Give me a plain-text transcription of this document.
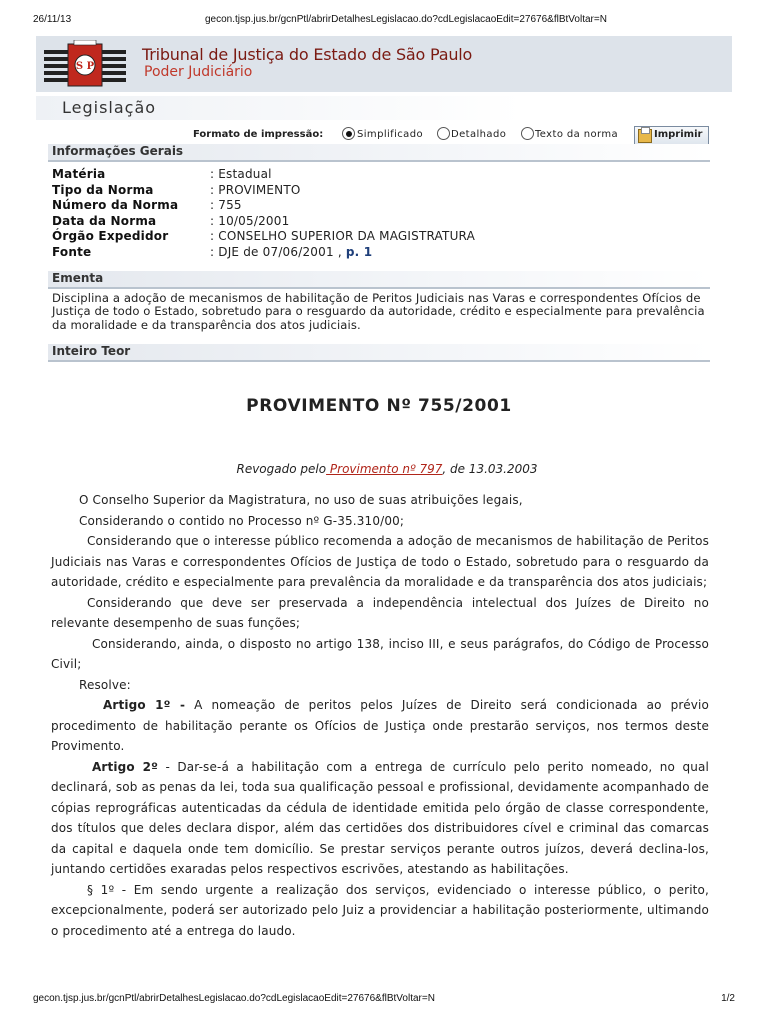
26/11/13	gecon.tjsp.jus.br/gcnPtl/abrirDetalhesLegislacao.do?cdLegislacaoEdit=27676&flBtVoltar=N
S P
Tribunal de Justiça do Estado de São Paulo
Poder Judiciário
Legislação
Formato de impressão:	Simplificado	Detalhado	Texto da norma	Imprimir
Informações Gerais
Matéria	: Estadual
Tipo da Norma	: PROVIMENTO
Número da Norma	: 755
Data da Norma	: 10/05/2001
Órgão Expedidor	: CONSELHO SUPERIOR DA MAGISTRATURA
Fonte	: DJE de 07/06/2001 , p. 1
Ementa
Disciplina a adoção de mecanismos de habilitação de Peritos Judiciais nas Varas e correspondentes Ofícios de Justiça de todo o Estado, sobretudo para o resguardo da autoridade, crédito e especialmente para prevalência da moralidade e da transparência dos atos judiciais.
Inteiro Teor
PROVIMENTO Nº 755/2001
Revogado pelo Provimento nº 797, de 13.03.2003

O Conselho Superior da Magistratura, no uso de suas atribuições legais,

Considerando o contido no Processo nº G-35.310/00;

Considerando que o interesse público recomenda a adoção de mecanismos de habilitação de Peritos Judiciais nas Varas e correspondentes Ofícios de Justiça de todo o Estado, sobretudo para o resguardo da autoridade, crédito e especialmente para prevalência da moralidade e da transparência dos atos judiciais;

Considerando que deve ser preservada a independência intelectual dos Juízes de Direito no relevante desempenho de suas funções;

Considerando, ainda, o disposto no artigo 138, inciso III, e seus parágrafos, do Código de Processo Civil;

Resolve:

Artigo 1º - A nomeação de peritos pelos Juízes de Direito será condicionada ao prévio procedimento de habilitação perante os Ofícios de Justiça onde prestarão serviços, nos termos deste Provimento.

Artigo 2º - Dar-se-á a habilitação com a entrega de currículo pelo perito nomeado, no qual declinará, sob as penas da lei, toda sua qualificação pessoal e profissional, devidamente acompanhado de cópias reprográficas autenticadas da cédula de identidade emitida pelo órgão de classe correspondente, dos títulos que deles declara dispor, além das certidões dos distribuidores cível e criminal das comarcas da capital e daquela onde tem domicílio. Se prestar serviços perante outros juízos, deverá declina-los, juntando certidões exaradas pelos respectivos escrivões, atestando as habilitações.

§ 1º - Em sendo urgente a realização dos serviços, evidenciado o interesse público, o perito, excepcionalmente, poderá ser autorizado pelo Juiz a providenciar a habilitação posteriormente, ultimando o procedimento até a entrega do laudo.

gecon.tjsp.jus.br/gcnPtl/abrirDetalhesLegislacao.do?cdLegislacaoEdit=27676&flBtVoltar=N	1/2
